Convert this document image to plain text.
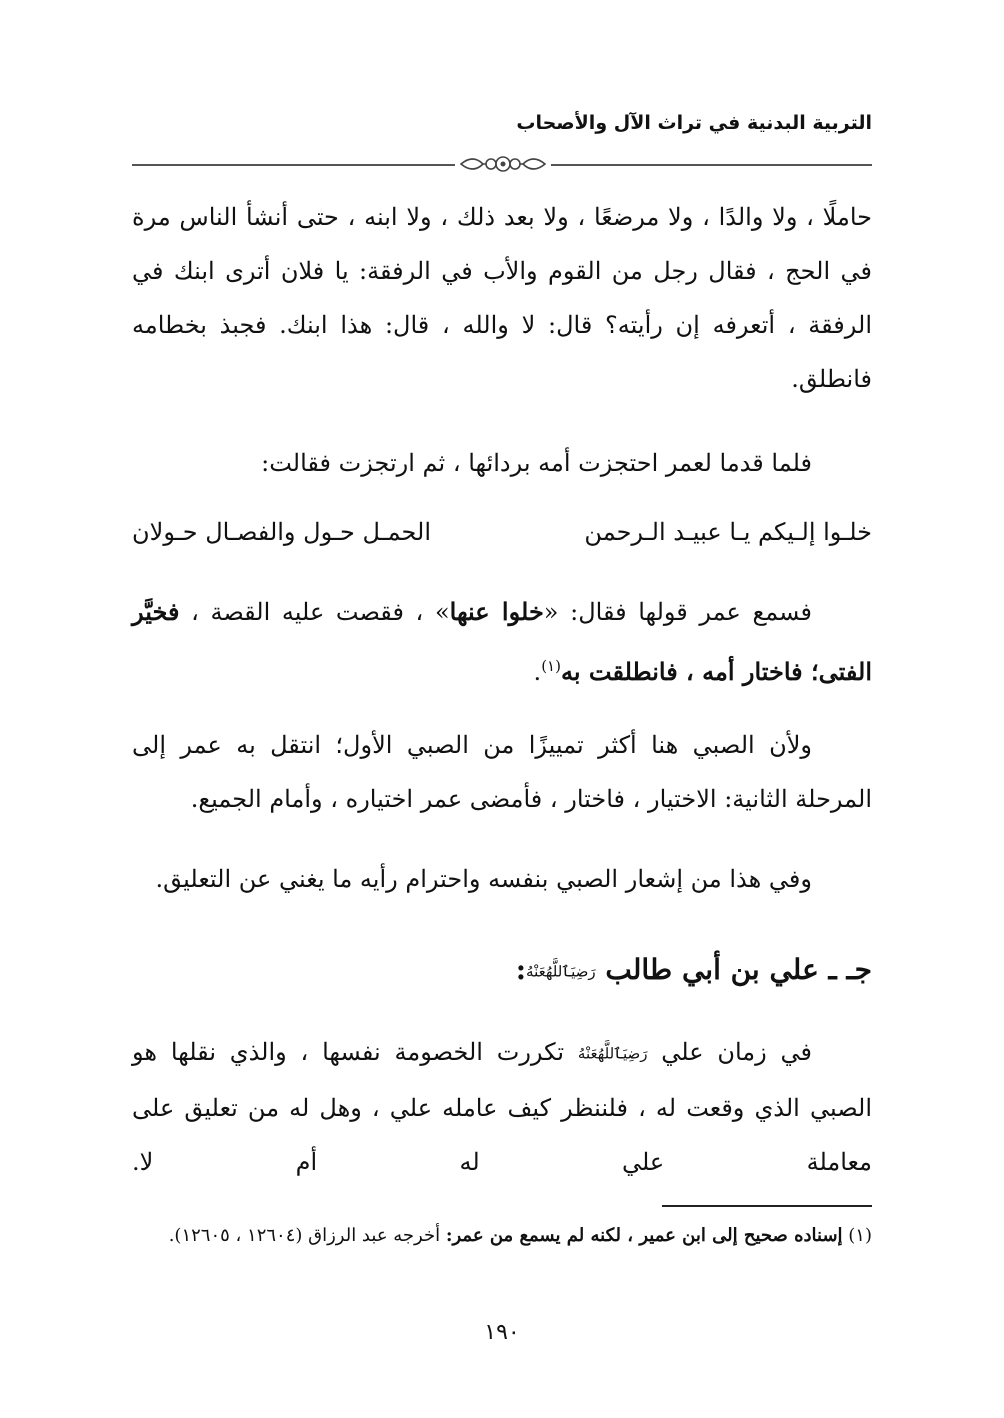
التربية البدنية في تراث الآل والأصحاب
حاملًا ، ولا والدًا ، ولا مرضعًا ، ولا بعد ذلك ، ولا ابنه ، حتى أنشأ الناس مرة في الحج ، فقال رجل من القوم والأب في الرفقة: يا فلان أترى ابنك في الرفقة ، أتعرفه إن رأيته؟ قال: لا والله ، قال: هذا ابنك. فجبذ بخطامه فانطلق.
فلما قدما لعمر احتجزت أمه بردائها ، ثم ارتجزت فقالت:
خلـوا إلـيكم يـا عبيـد الـرحمن
الحمـل حـول والفصـال حـولان
فسمع عمر قولها فقال: «خلوا عنها» ، فقصت عليه القصة ، فخيَّر الفتى؛ فاختار أمه ، فانطلقت به$^{(١)}$.
ولأن الصبي هنا أكثر تمييزًا من الصبي الأول؛ انتقل به عمر إلى المرحلة الثانية: الاختيار ، فاختار ، فأمضى عمر اختياره ، وأمام الجميع.
وفي هذا من إشعار الصبي بنفسه واحترام رأيه ما يغني عن التعليق.
جـ ـ علي بن أبي طالب رَضِيَٱللَّهُعَنْهُ:
في زمان علي رَضِيَٱللَّهُعَنْهُ تكررت الخصومة نفسها ، والذي نقلها هو الصبي الذي وقعت له ، فلننظر كيف عامله علي ، وهل له من تعليق على معاملة علي له أم لا.
(١) إسناده صحيح إلى ابن عمير ، لكنه لم يسمع من عمر: أخرجه عبد الرزاق (١٢٦٠٤ ، ١٢٦٠٥).
١٩٠
